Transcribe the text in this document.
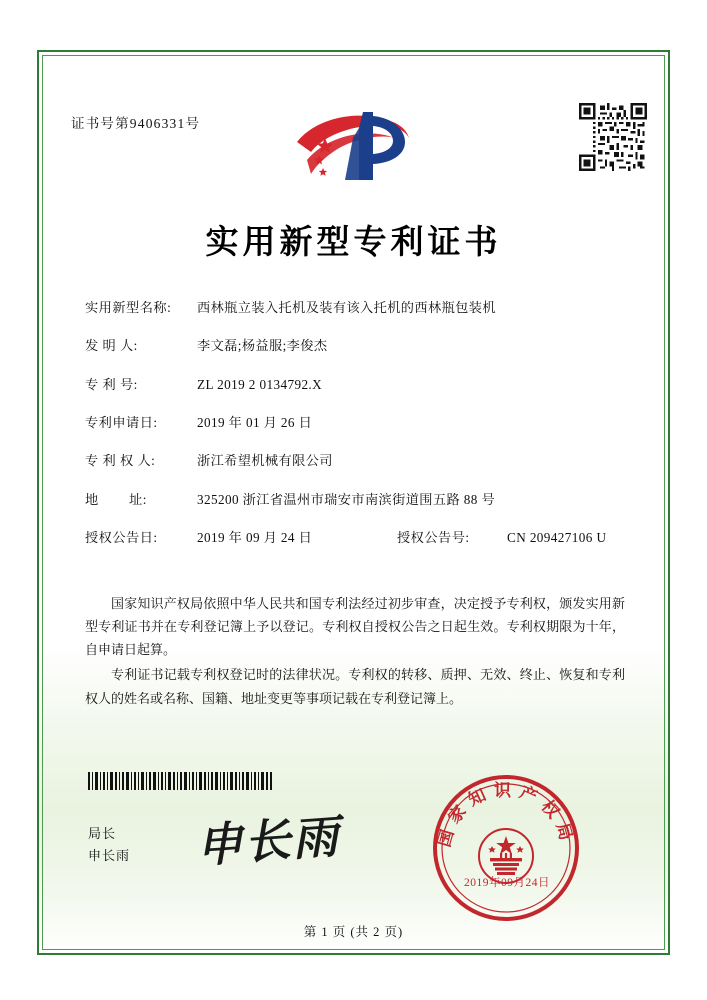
证书号第9406331号
实用新型专利证书
实用新型名称:	西林瓶立装入托机及装有该入托机的西林瓶包装机
发 明 人:	李文磊;杨益服;李俊杰
专 利 号:	ZL 2019 2 0134792.X
专利申请日:	2019 年 01 月 26 日
专 利 权 人:	浙江希望机械有限公司
地        址:	325200 浙江省温州市瑞安市南滨街道围五路 88 号
授权公告日:	2019 年 09 月 24 日	授权公告号:	CN 209427106 U

国家知识产权局依照中华人民共和国专利法经过初步审查，决定授予专利权，颁发实用新型专利证书并在专利登记簿上予以登记。专利权自授权公告之日起生效。专利权期限为十年，自申请日起算。

专利证书记载专利权登记时的法律状况。专利权的转移、质押、无效、终止、恢复和专利权人的姓名或名称、国籍、地址变更等事项记载在专利登记簿上。

局长
申长雨 申长雨	国家知识产权局
2019年09月24日
第 1 页 (共 2 页)
